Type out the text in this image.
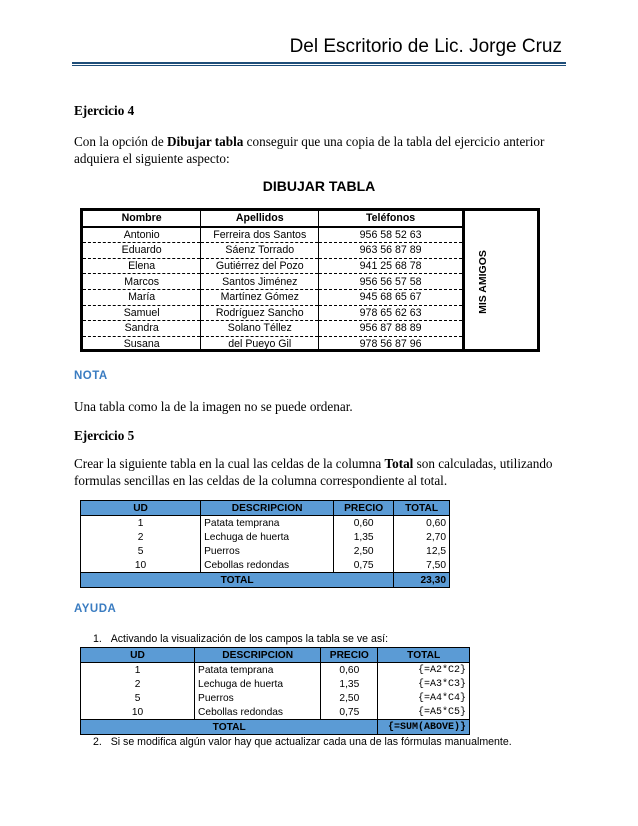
Del Escritorio de Lic. Jorge Cruz
Ejercicio 4
Con la opción de Dibujar tabla conseguir que una copia de la tabla del ejercicio anterior
adquiera el siguiente aspecto:
DIBUJAR TABLA
Nombre	Apellidos	Teléfonos
Antonio	Ferreira dos Santos	956 58 52 63
Eduardo	Sáenz Torrado	963 56 87 89
Elena	Gutiérrez del Pozo	941 25 68 78
Marcos	Santos Jiménez	956 56 57 58
María	Martínez Gómez	945 68 65 67
Samuel	Rodríguez Sancho	978 65 62 63
Sandra	Solano Téllez	956 87 88 89
Susana	del Pueyo Gil	978 56 87 96
MIS AMIGOS
NOTA
Una tabla como la de la imagen no se puede ordenar.
Ejercicio 5
Crear la siguiente tabla en la cual las celdas de la columna Total son calculadas, utilizando
formulas sencillas en las celdas de la columna correspondiente al total.
UD	DESCRIPCION	PRECIO	TOTAL
1	Patata temprana	0,60	0,60
2	Lechuga de huerta	1,35	2,70
5	Puerros	2,50	12,5
10	Cebollas redondas	0,75	7,50
TOTAL			23,30
AYUDA
1. Activando la visualización de los campos la tabla se ve así:
UD	DESCRIPCION	PRECIO	TOTAL
1	Patata temprana	0,60	{=A2*C2}
2	Lechuga de huerta	1,35	{=A3*C3}
5	Puerros	2,50	{=A4*C4}
10	Cebollas redondas	0,75	{=A5*C5}
TOTAL			{=SUM(ABOVE)}
2. Si se modifica algún valor hay que actualizar cada una de las fórmulas manualmente.
